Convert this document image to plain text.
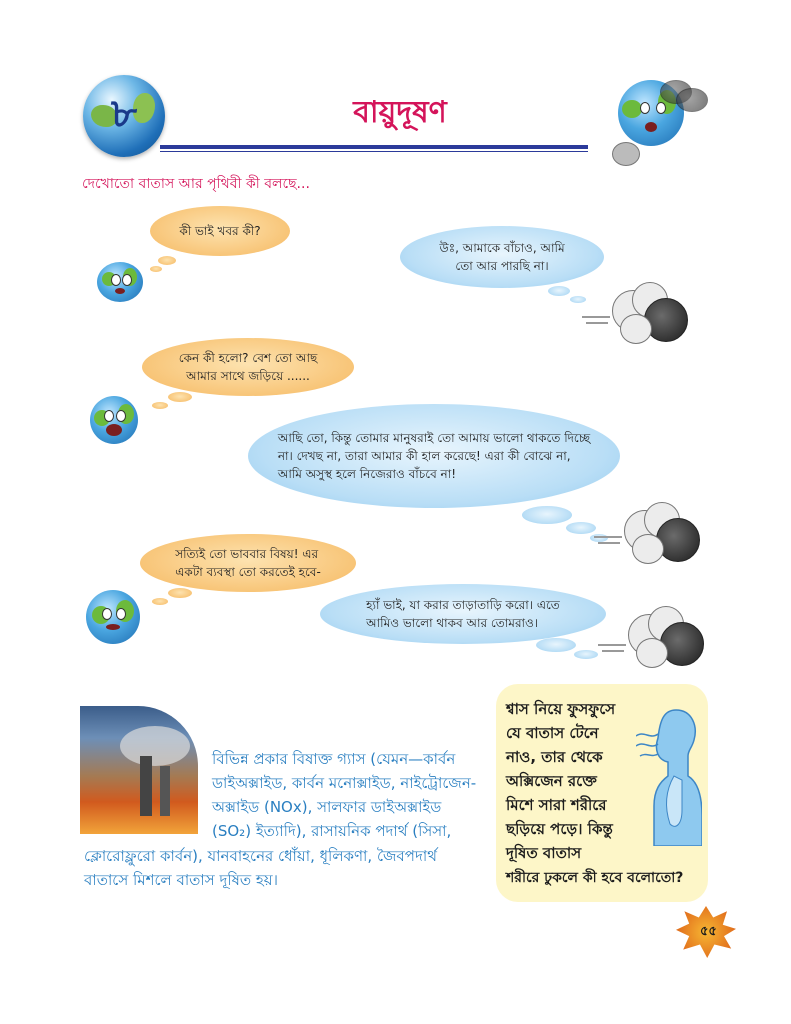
৮	বায়ুদূষণ
দেখোতো বাতাস আর পৃথিবী কী বলছে...
কী ভাই খবর কী?
উঃ, আমাকে বাঁচাও, আমি
তো আর পারছি না।
কেন কী হলো? বেশ তো আছ
আমার সাথে জড়িয়ে ......
আছি তো, কিন্তু তোমার মানুষরাই তো আমায় ভালো থাকতে দিচ্ছে
না। দেখছ না, তারা আমার কী হাল করেছে! এরা কী বোঝে না,
আমি অসুস্থ হলে নিজেরাও বাঁচবে না!
সত্যিই তো ভাববার বিষয়! এর
একটা ব্যবস্থা তো করতেই হবে-
হ্যাঁ ভাই, যা করার তাড়াতাড়ি করো। এতে
আমিও ভালো থাকব আর তোমরাও।
বিভিন্ন প্রকার বিষাক্ত গ্যাস (যেমন—কার্বন
ডাইঅক্সাইড, কার্বন মনোক্সাইড, নাইট্রোজেন-
অক্সাইড (NOx), সালফার ডাইঅক্সাইড
(SO₂) ইত্যাদি), রাসায়নিক পদার্থ (সিসা,
ক্লোরোফ্লুরো কার্বন), যানবাহনের ধোঁয়া, ধূলিকণা, জৈবপদার্থ
বাতাসে মিশলে বাতাস দূষিত হয়।
শ্বাস নিয়ে ফুসফুসে
যে বাতাস টেনে
নাও, তার থেকে
অক্সিজেন রক্তে
মিশে সারা শরীরে
ছড়িয়ে পড়ে। কিন্তু
দূষিত বাতাস
শরীরে ঢুকলে কী হবে বলোতো?
৫৫
